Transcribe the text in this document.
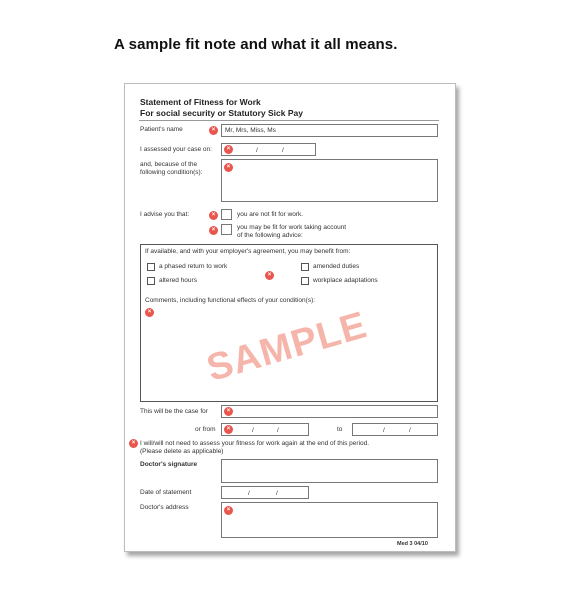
A sample fit note and what it all means.
Statement of Fitness for Work
For social security or Statutory Sick Pay
Patient's name ×	Mr, Mrs, Miss, Ms
I assessed your case on: ×	/	/
and, because of the
following condition(s):
×
I advise you that: ×	you are not fit for work.
×
you may be fit for work taking account
of the following advice:
If available, and with your employer's agreement, you may benefit from:
a phased return to work
altered hours
×
amended duties
workplace adaptations
Comments, including functional effects of your condition(s):
×
SAMPLE
This will be the case for
×
or from ×	/	/	to	/	/
×
I will/will not need to assess your fitness for work again at the end of this period.
(Please delete as applicable)
Doctor's signature
Date of statement	/	/
Doctor's address
×
Med 3 04/10
